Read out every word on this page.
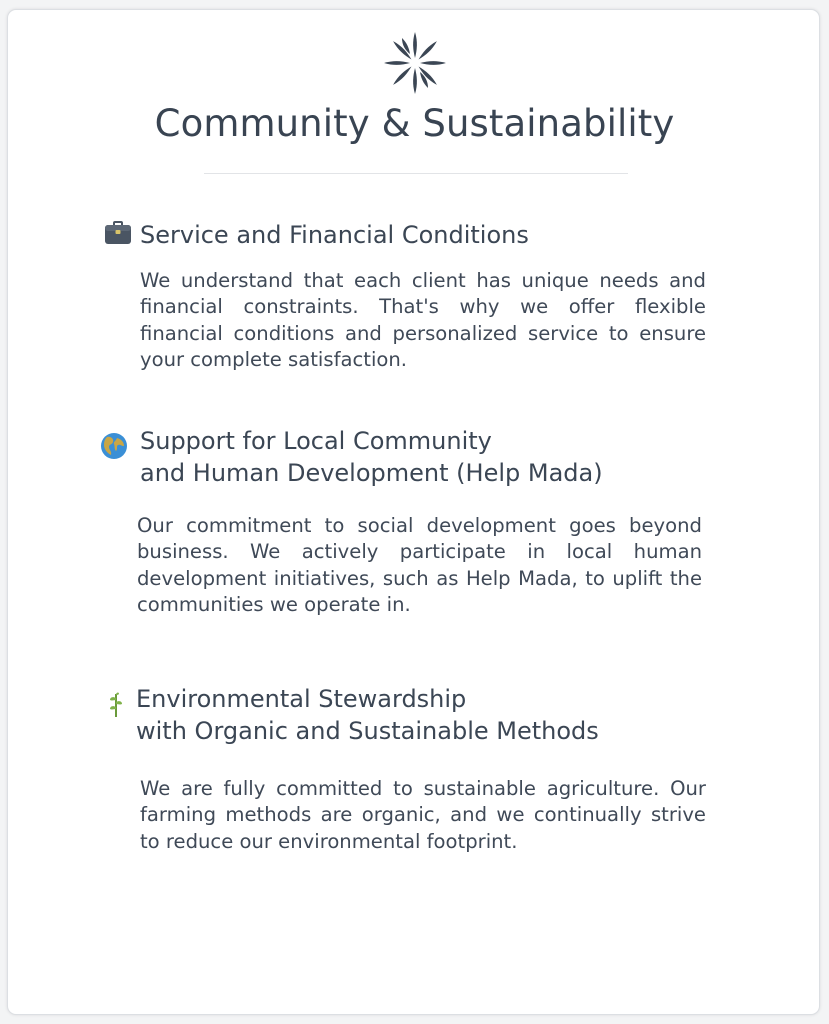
Community & Sustainability
Service and Financial Conditions

We understand that each client has unique needs and financial constraints. That's why we offer flexible financial conditions and personalized service to ensure your complete satisfaction.

Support for Local Community
and Human Development (Help Mada)

Our commitment to social development goes beyond business. We actively participate in local human development initiatives, such as Help Mada, to uplift the communities we operate in.

Environmental Stewardship
with Organic and Sustainable Methods

We are fully committed to sustainable agriculture. Our farming methods are organic, and we continually strive to reduce our environmental footprint.
